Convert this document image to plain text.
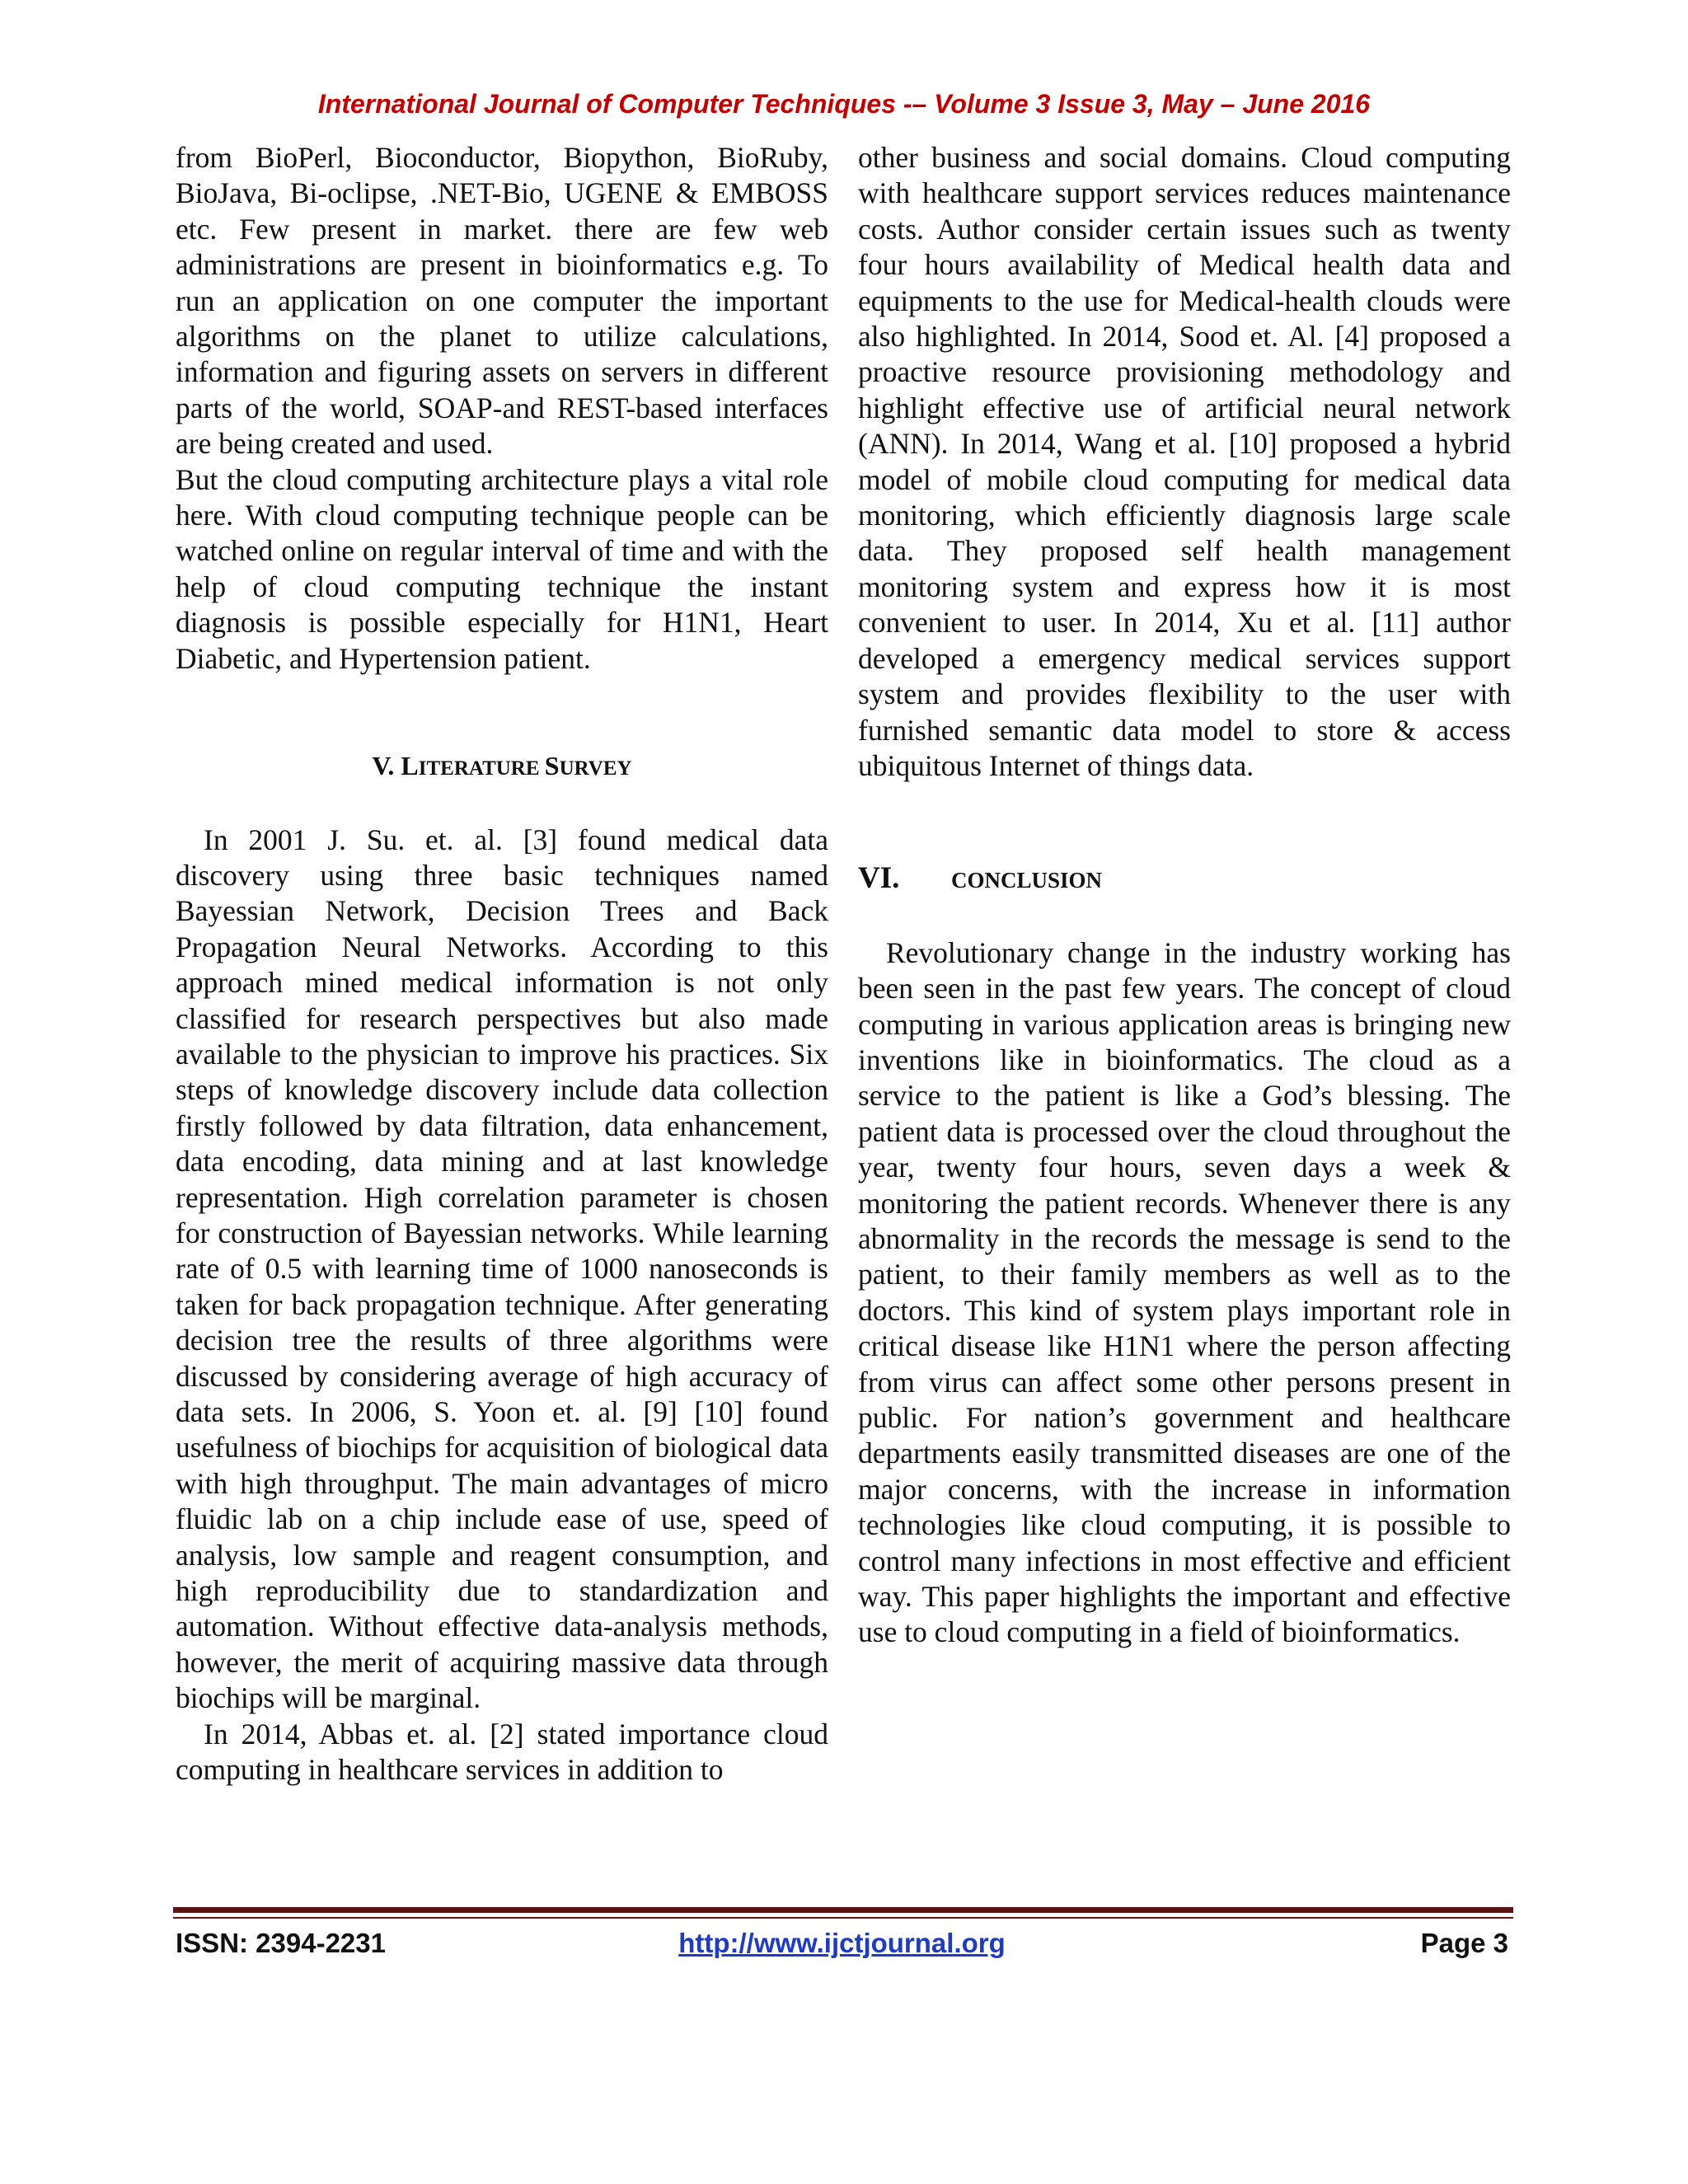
International Journal of Computer Techniques -– Volume 3 Issue 3, May – June 2016

from BioPerl, Bioconductor, Biopython, BioRuby, BioJava, Bi-oclipse, .NET-Bio, UGENE & EMBOSS etc. Few present in market. there are few web administrations are present in bioinformatics e.g. To run an application on one computer the important algorithms on the planet to utilize calculations, information and figuring assets on servers in different parts of the world, SOAP-and REST-based interfaces are being created and used.

But the cloud computing architecture plays a vital role here. With cloud computing technique people can be watched online on regular interval of time and with the help of cloud computing technique the instant diagnosis is possible especially for H1N1, Heart Diabetic, and Hypertension patient.

V. LITERATURE SURVEY

In 2001 J. Su. et. al. [3] found medical data discovery using three basic techniques named Bayessian Network, Decision Trees and Back Propagation Neural Networks. According to this approach mined medical information is not only classified for research perspectives but also made available to the physician to improve his practices. Six steps of knowledge discovery include data collection firstly followed by data filtration, data enhancement, data encoding, data mining and at last knowledge representation. High correlation parameter is chosen for construction of Bayessian networks. While learning rate of 0.5 with learning time of 1000 nanoseconds is taken for back propagation technique. After generating decision tree the results of three algorithms were discussed by considering average of high accuracy of data sets. In 2006, S. Yoon et. al. [9] [10] found usefulness of biochips for acquisition of biological data with high throughput. The main advantages of micro fluidic lab on a chip include ease of use, speed of analysis, low sample and reagent consumption, and high reproducibility due to standardization and automation. Without effective data-analysis methods, however, the merit of acquiring massive data through biochips will be marginal.

In 2014, Abbas et. al. [2] stated importance cloud computing in healthcare services in addition to

other business and social domains. Cloud computing with healthcare support services reduces maintenance costs. Author consider certain issues such as twenty four hours availability of Medical health data and equipments to the use for Medical-health clouds were also highlighted. In 2014, Sood et. Al. [4] proposed a proactive resource provisioning methodology and highlight effective use of artificial neural network (ANN). In 2014, Wang et al. [10] proposed a hybrid model of mobile cloud computing for medical data monitoring, which efficiently diagnosis large scale data. They proposed self health management monitoring system and express how it is most convenient to user. In 2014, Xu et al. [11] author developed a emergency medical services support system and provides flexibility to the user with furnished semantic data model to store & access ubiquitous Internet of things data.

VI. CONCLUSION

Revolutionary change in the industry working has been seen in the past few years. The concept of cloud computing in various application areas is bringing new inventions like in bioinformatics. The cloud as a service to the patient is like a God’s blessing. The patient data is processed over the cloud throughout the year, twenty four hours, seven days a week & monitoring the patient records. Whenever there is any abnormality in the records the message is send to the patient, to their family members as well as to the doctors. This kind of system plays important role in critical disease like H1N1 where the person affecting from virus can affect some other persons present in public. For nation’s government and healthcare departments easily transmitted diseases are one of the major concerns, with the increase in information technologies like cloud computing, it is possible to control many infections in most effective and efficient way. This paper highlights the important and effective use to cloud computing in a field of bioinformatics.

ISSN: 2394-2231	http://www.ijctjournal.org	Page 3
